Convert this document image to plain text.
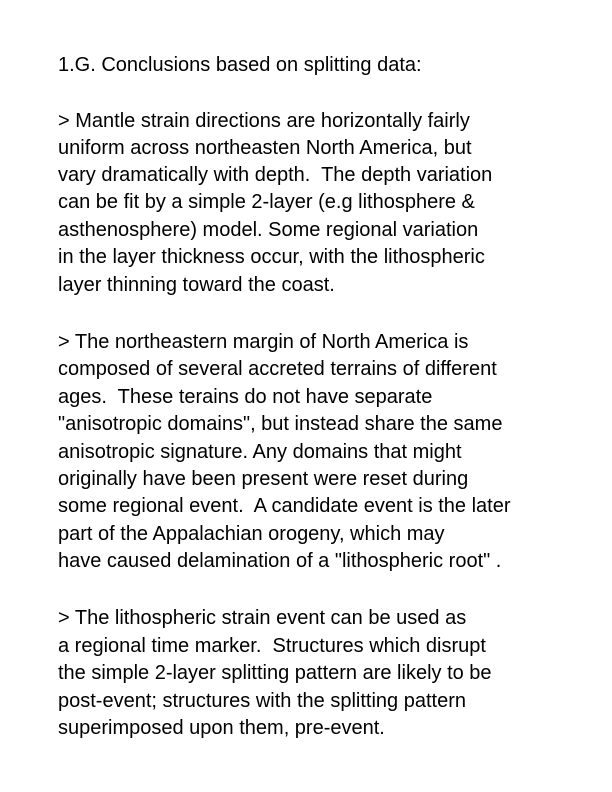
1.G. Conclusions based on splitting data:

> Mantle strain directions are horizontally fairly

uniform across northeasten North America, but

vary dramatically with depth.  The depth variation

can be fit by a simple 2-layer (e.g lithosphere &

asthenosphere) model. Some regional variation

in the layer thickness occur, with the lithospheric

layer thinning toward the coast.

> The northeastern margin of North America is

composed of several accreted terrains of different

ages.  These terains do not have separate

"anisotropic domains", but instead share the same

anisotropic signature. Any domains that might

originally have been present were reset during

some regional event.  A candidate event is the later

part of the Appalachian orogeny, which may

have caused delamination of a "lithospheric root" .

> The lithospheric strain event can be used as

a regional time marker.  Structures which disrupt

the simple 2-layer splitting pattern are likely to be

post-event; structures with the splitting pattern

superimposed upon them, pre-event.
